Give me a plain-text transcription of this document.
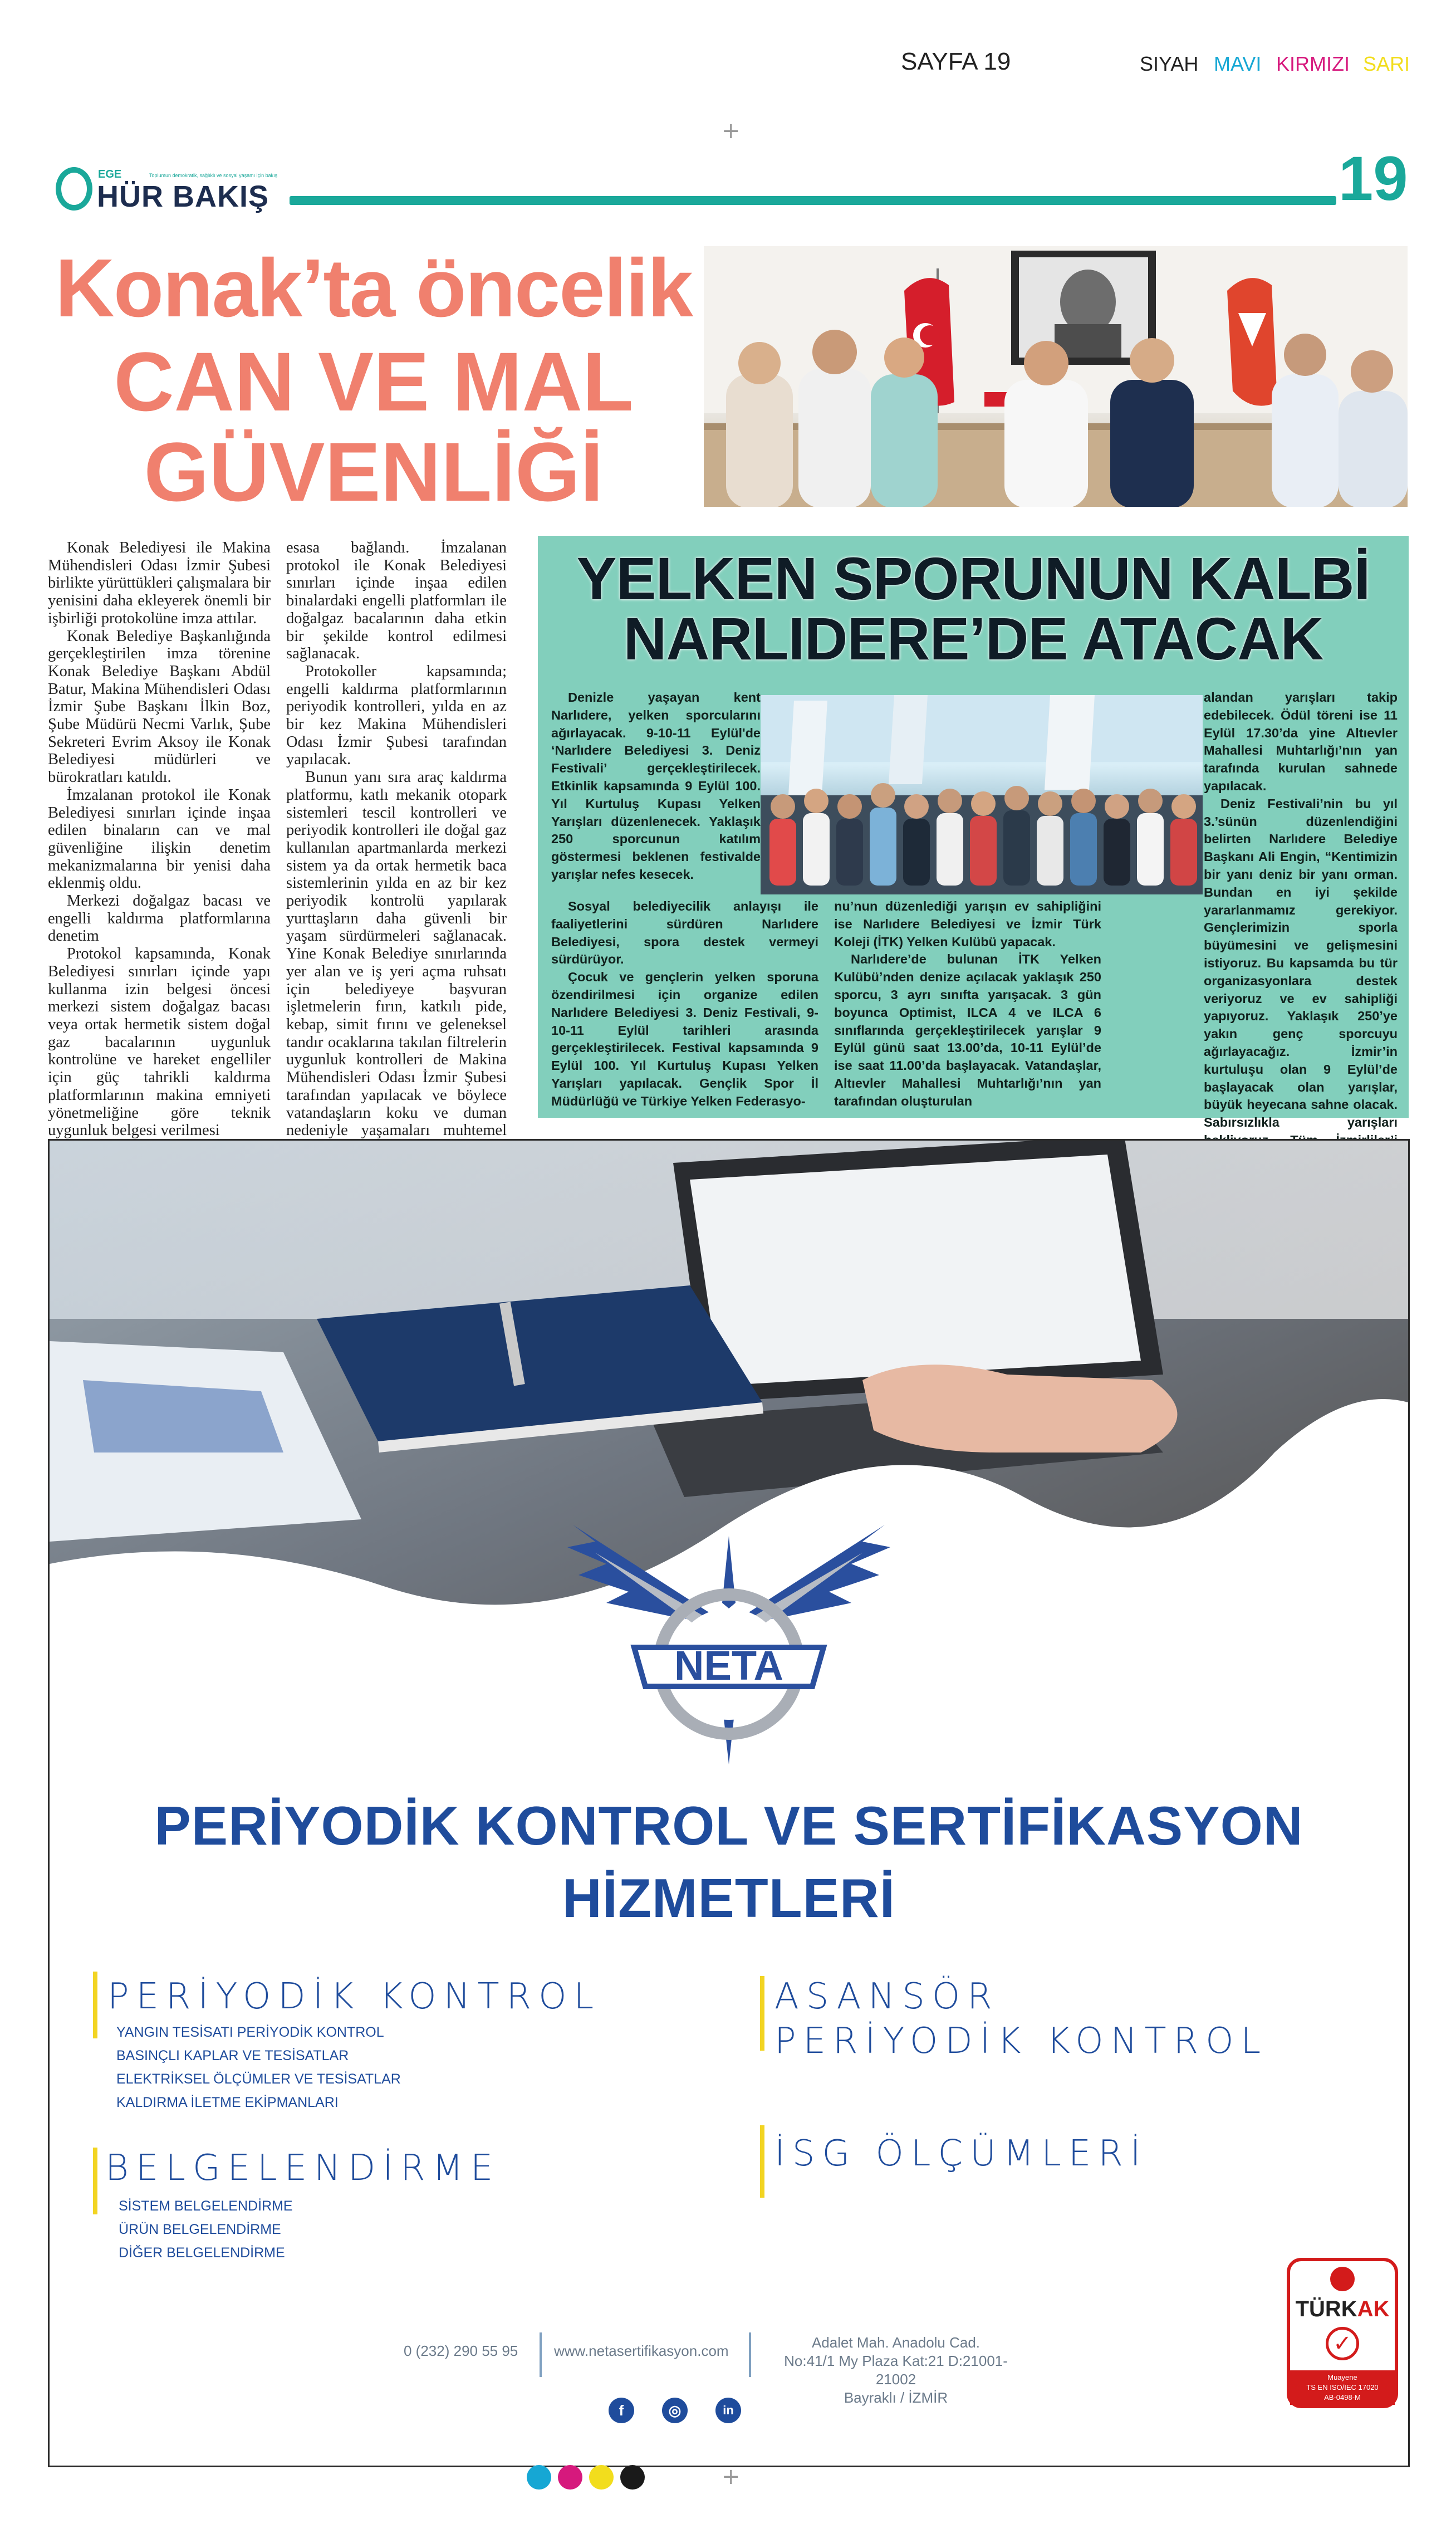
SAYFA 19	SIYAH MAVI KIRMIZI SARI
+
EGE	Toplumun demokratik, sağlıklı ve sosyal yaşamı için bakış
HÜR BAKIŞ	19
Konak’ta öncelik
CAN VE MAL
GÜVENLİĞİ

Konak Belediyesi ile Makina Mühendisleri Odası İzmir Şubesi birlikte yürüttükleri çalışmalara bir yenisini daha ekleyerek önemli bir işbirliği protokolüne imza attılar.

Konak Belediye Başkanlığında gerçekleştirilen imza törenine Konak Belediye Başkanı Abdül Batur, Makina Mühendisleri Odası İzmir Şube Başkanı İlkin Boz, Şube Müdürü Necmi Varlık, Şube Sekreteri Evrim Aksoy ile Konak Belediyesi müdürleri ve bürokratları katıldı.

İmzalanan protokol ile Konak Belediyesi sınırları içinde inşaa edilen binaların can ve mal güvenliğine ilişkin denetim mekanizmalarına bir yenisi daha eklenmiş oldu.

Merkezi doğalgaz bacası ve engelli kaldırma platformlarına denetim

Protokol kapsamında, Konak Belediyesi sınırları içinde yapı kullanma izin belgesi öncesi merkezi sistem doğalgaz bacası veya ortak hermetik sistem doğal gaz bacalarının uygunluk kontrolüne ve hareket engelliler için güç tahrikli kaldırma platformlarının makina emniyeti yönetmeliğine göre teknik uygunluk belgesi verilmesi

esasa bağlandı. İmzalanan protokol ile Konak Belediyesi sınırları içinde inşaa edilen binalardaki engelli platformları ile doğalgaz bacalarının daha etkin bir şekilde kontrol edilmesi sağlanacak.

Protokoller kapsamında; engelli kaldırma platformlarının periyodik kontrolleri, yılda en az bir kez Makina Mühendisleri Odası İzmir Şubesi tarafından yapılacak.

Bunun yanı sıra araç kaldırma platformu, katlı mekanik otopark sistemleri tescil kontrolleri ve periyodik kontrolleri ile doğal gaz kullanılan apartmanlarda merkezi sistem ya da ortak hermetik baca sistemlerinin yılda en az bir kez periyodik kontrolü yapılarak yurttaşların daha güvenli bir yaşam sürdürmeleri sağlanacak. Yine Konak Belediye sınırlarında yer alan ve iş yeri açma ruhsatı için belediyeye başvuran işletmelerin fırın, katkılı pide, kebap, simit fırını ve geleneksel tandır ocaklarına takılan filtrelerin uygunluk kontrolleri de Makina Mühendisleri Odası İzmir Şubesi tarafından yapılacak ve böylece vatandaşların koku ve duman nedeniyle yaşamaları muhtemel

YELKEN SPORUNUN KALBİ
NARLIDERE’DE ATACAK

Denizle yaşayan kent Narlıdere, yelken sporcularını ağırlayacak. 9-10-11 Eylül'de ‘Narlıdere Belediyesi 3. Deniz Festivali’ gerçekleştirilecek. Etkinlik kapsamında 9 Eylül 100. Yıl Kurtuluş Kupası Yelken Yarışları düzenlenecek. Yaklaşık 250 sporcunun katılım göstermesi beklenen festivalde yarışlar nefes kesecek.

Sosyal belediyecilik anlayışı ile faaliyetlerini sürdüren Narlıdere Belediyesi, spora destek vermeyi sürdürüyor.

Çocuk ve gençlerin yelken sporuna özendirilmesi için organize edilen Narlıdere Belediyesi 3. Deniz Festivali, 9-10-11 Eylül tarihleri arasında gerçekleştirilecek. Festival kapsamında 9 Eylül 100. Yıl Kurtuluş Kupası Yelken Yarışları yapılacak. Gençlik Spor İl Müdürlüğü ve Türkiye Yelken Federasyo-

nu’nun düzenlediği yarışın ev sahipliğini ise Narlıdere Belediyesi ve İzmir Türk Koleji (İTK) Yelken Kulübü yapacak.

Narlıdere’de bulunan İTK Yelken Kulübü’nden denize açılacak yaklaşık 250 sporcu, 3 ayrı sınıfta yarışacak. 3 gün boyunca Optimist, ILCA 4 ve ILCA 6 sınıflarında gerçekleştirilecek yarışlar 9 Eylül günü saat 13.00’da, 10-11 Eylül’de ise saat 11.00’da başlayacak. Vatandaşlar, Altıevler Mahallesi Muhtarlığı’nın yan tarafından oluşturulan

alandan yarışları takip edebilecek. Ödül töreni ise 11 Eylül 17.30’da yine Altıevler Mahallesi Muhtarlığı’nın yan tarafında kurulan sahnede yapılacak.

Deniz Festivali’nin bu yıl 3.’sünün düzenlendiğini belirten Narlıdere Belediye Başkanı Ali Engin, “Kentimizin bir yanı deniz bir yanı orman. Bundan en iyi şekilde yararlanmamız gerekiyor. Gençlerimizin sporla büyümesini ve gelişmesini istiyoruz. Bu kapsamda bu tür organizasyonlara destek veriyoruz ve ev sahipliği yapıyoruz. Yaklaşık 250’ye yakın genç sporcuyu ağırlayacağız. İzmir’in kurtuluşu olan 9 Eylül’de başlayacak olan yarışlar, büyük heyecana sahne olacak. Sabırsızlıkla yarışları

NETA
PERİYODİK KONTROL VE SERTİFİKASYON
HİZMETLERİ
PERİYODİK KONTROL
YANGIN TESİSATI PERİYODİK KONTROL
BASINÇLI KAPLAR VE TESİSATLAR
ELEKTRİKSEL ÖLÇÜMLER VE TESİSATLAR
KALDIRMA İLETME EKİPMANLARI
BELGELENDİRME
SİSTEM BELGELENDİRME
ÜRÜN BELGELENDİRME
DİĞER BELGELENDİRME
ASANSÖR
PERİYODİK KONTROL
İSG ÖLÇÜMLERİ
0 (232) 290 55 95 www.netasertifikasyon.com	Adalet Mah. Anadolu Cad.
No:41/1 My Plaza Kat:21 D:21001-21002
Bayraklı / İZMİR
f	◎	in
TÜRKAK
✓
Muayene
TS EN ISO/IEC 17020
AB-0498-M
+
